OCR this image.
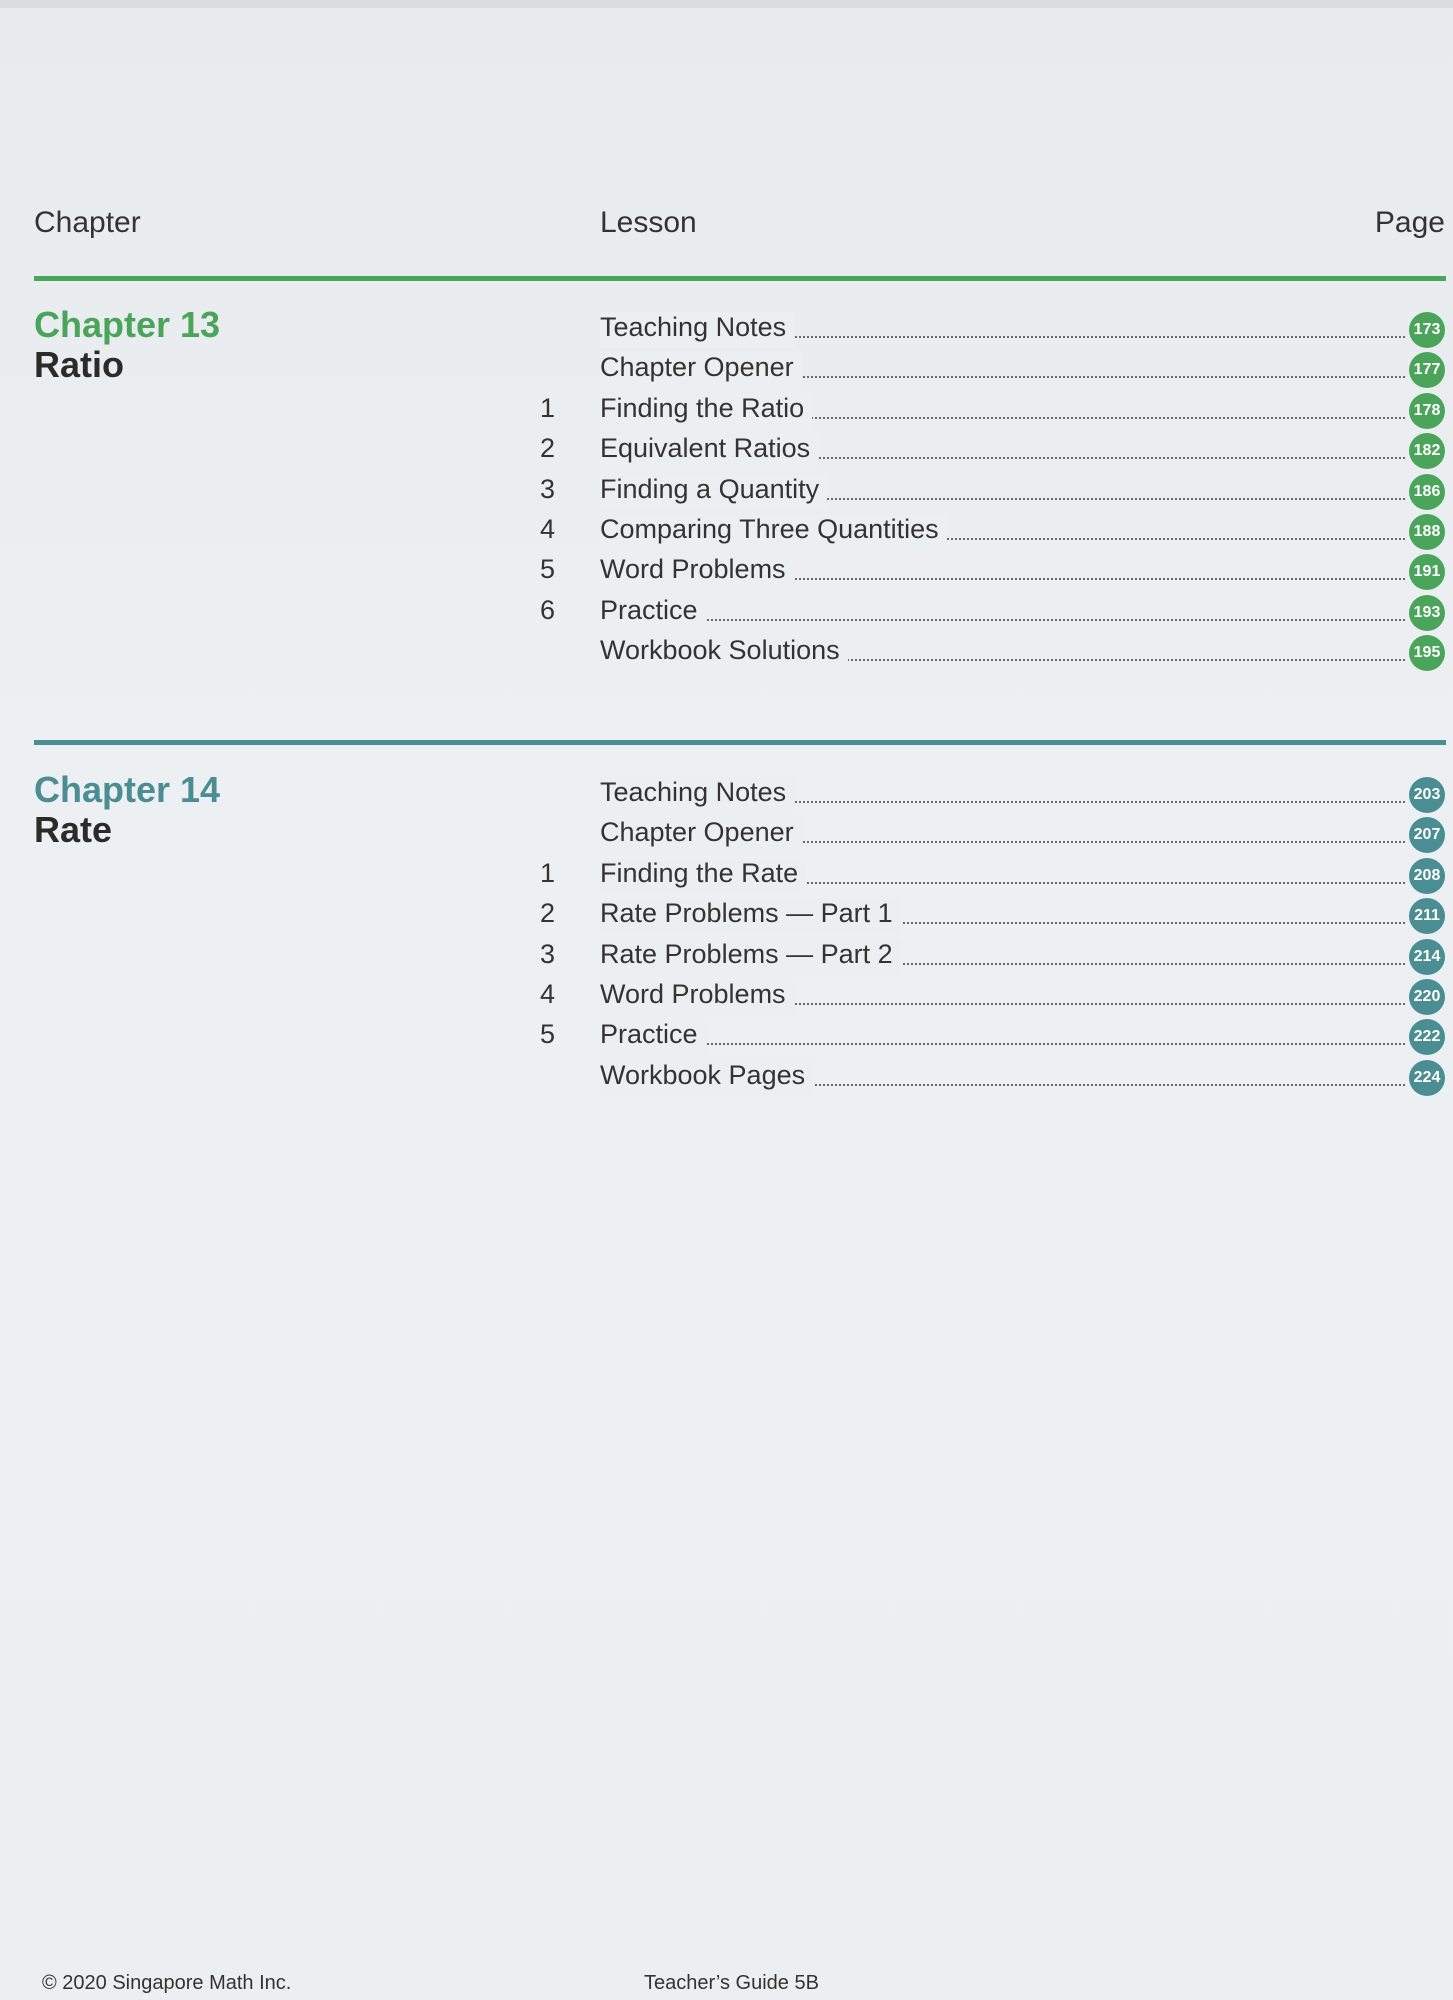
Chapter	Lesson	Page
Chapter 13
Ratio
Teaching Notes	173
Chapter Opener	177
1 Finding the Ratio	178
2 Equivalent Ratios	182
3 Finding a Quantity	186
4 Comparing Three Quantities	188
5 Word Problems	191
6 Practice	193
Workbook Solutions	195
Chapter 14
Rate
Teaching Notes	203
Chapter Opener	207
1 Finding the Rate	208
2 Rate Problems — Part 1	211
3 Rate Problems — Part 2	214
4 Word Problems	220
5 Practice	222
Workbook Pages	224
© 2020 Singapore Math Inc.	Teacher’s Guide 5B
